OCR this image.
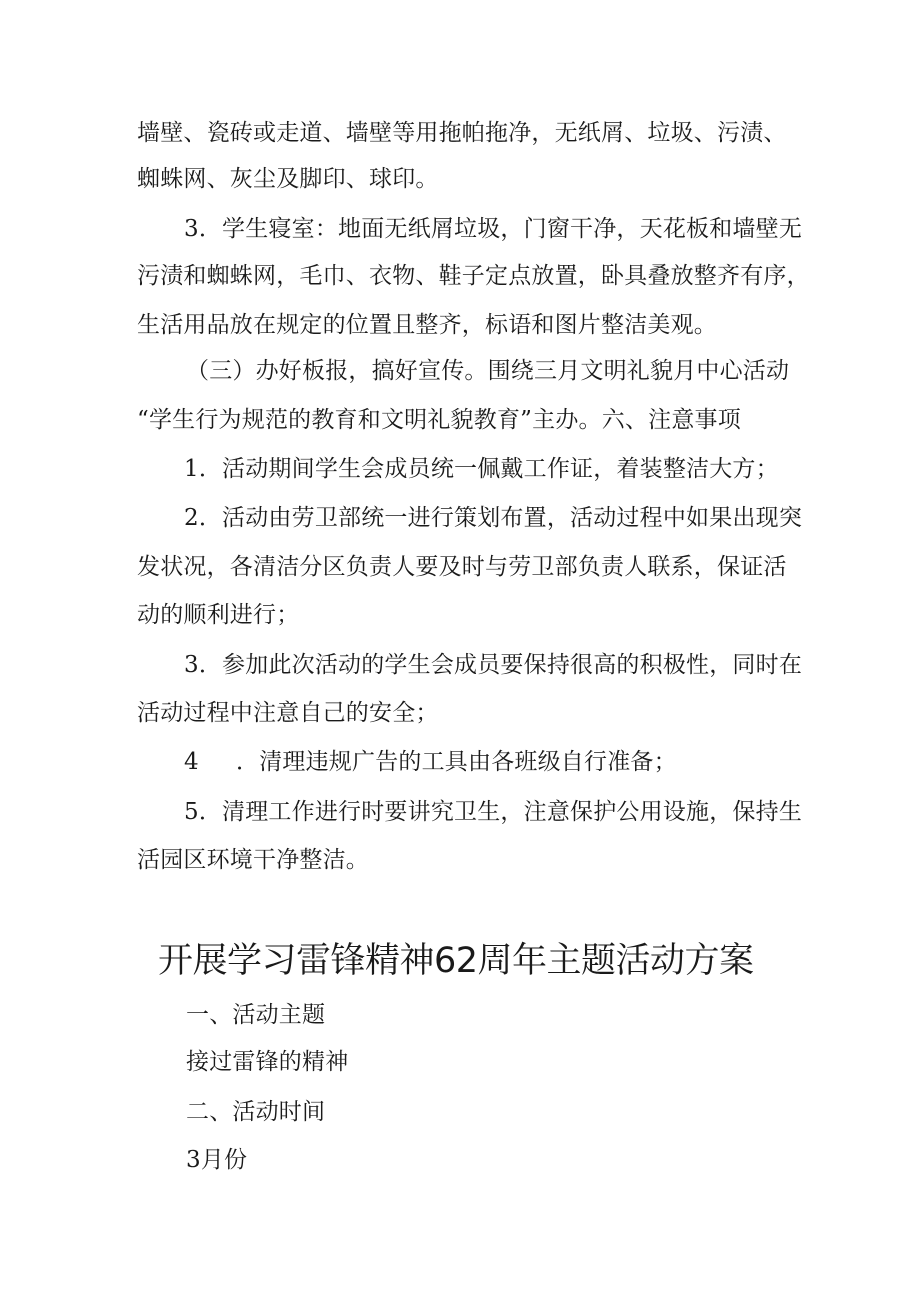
墙壁、瓷砖或走道、墙壁等用拖帕拖净，无纸屑、垃圾、污渍、
蜘蛛网、灰尘及脚印、球印。
3．学生寝室：地面无纸屑垃圾，门窗干净，天花板和墙壁无
污渍和蜘蛛网，毛巾、衣物、鞋子定点放置，卧具叠放整齐有序，
生活用品放在规定的位置且整齐，标语和图片整洁美观。
（三）办好板报，搞好宣传。围绕三月文明礼貌月中心活动
“学生行为规范的教育和文明礼貌教育”主办。六、注意事项
1．活动期间学生会成员统一佩戴工作证，着装整洁大方；
2．活动由劳卫部统一进行策划布置，活动过程中如果出现突
发状况，各清洁分区负责人要及时与劳卫部负责人联系，保证活
动的顺利进行；
3．参加此次活动的学生会成员要保持很高的积极性，同时在
活动过程中注意自己的安全；
4 ．清理违规广告的工具由各班级自行准备；
5．清理工作进行时要讲究卫生，注意保护公用设施，保持生
活园区环境干净整洁。
开展学习雷锋精神62周年主题活动方案
一、活动主题
接过雷锋的精神
二、活动时间
3月份
